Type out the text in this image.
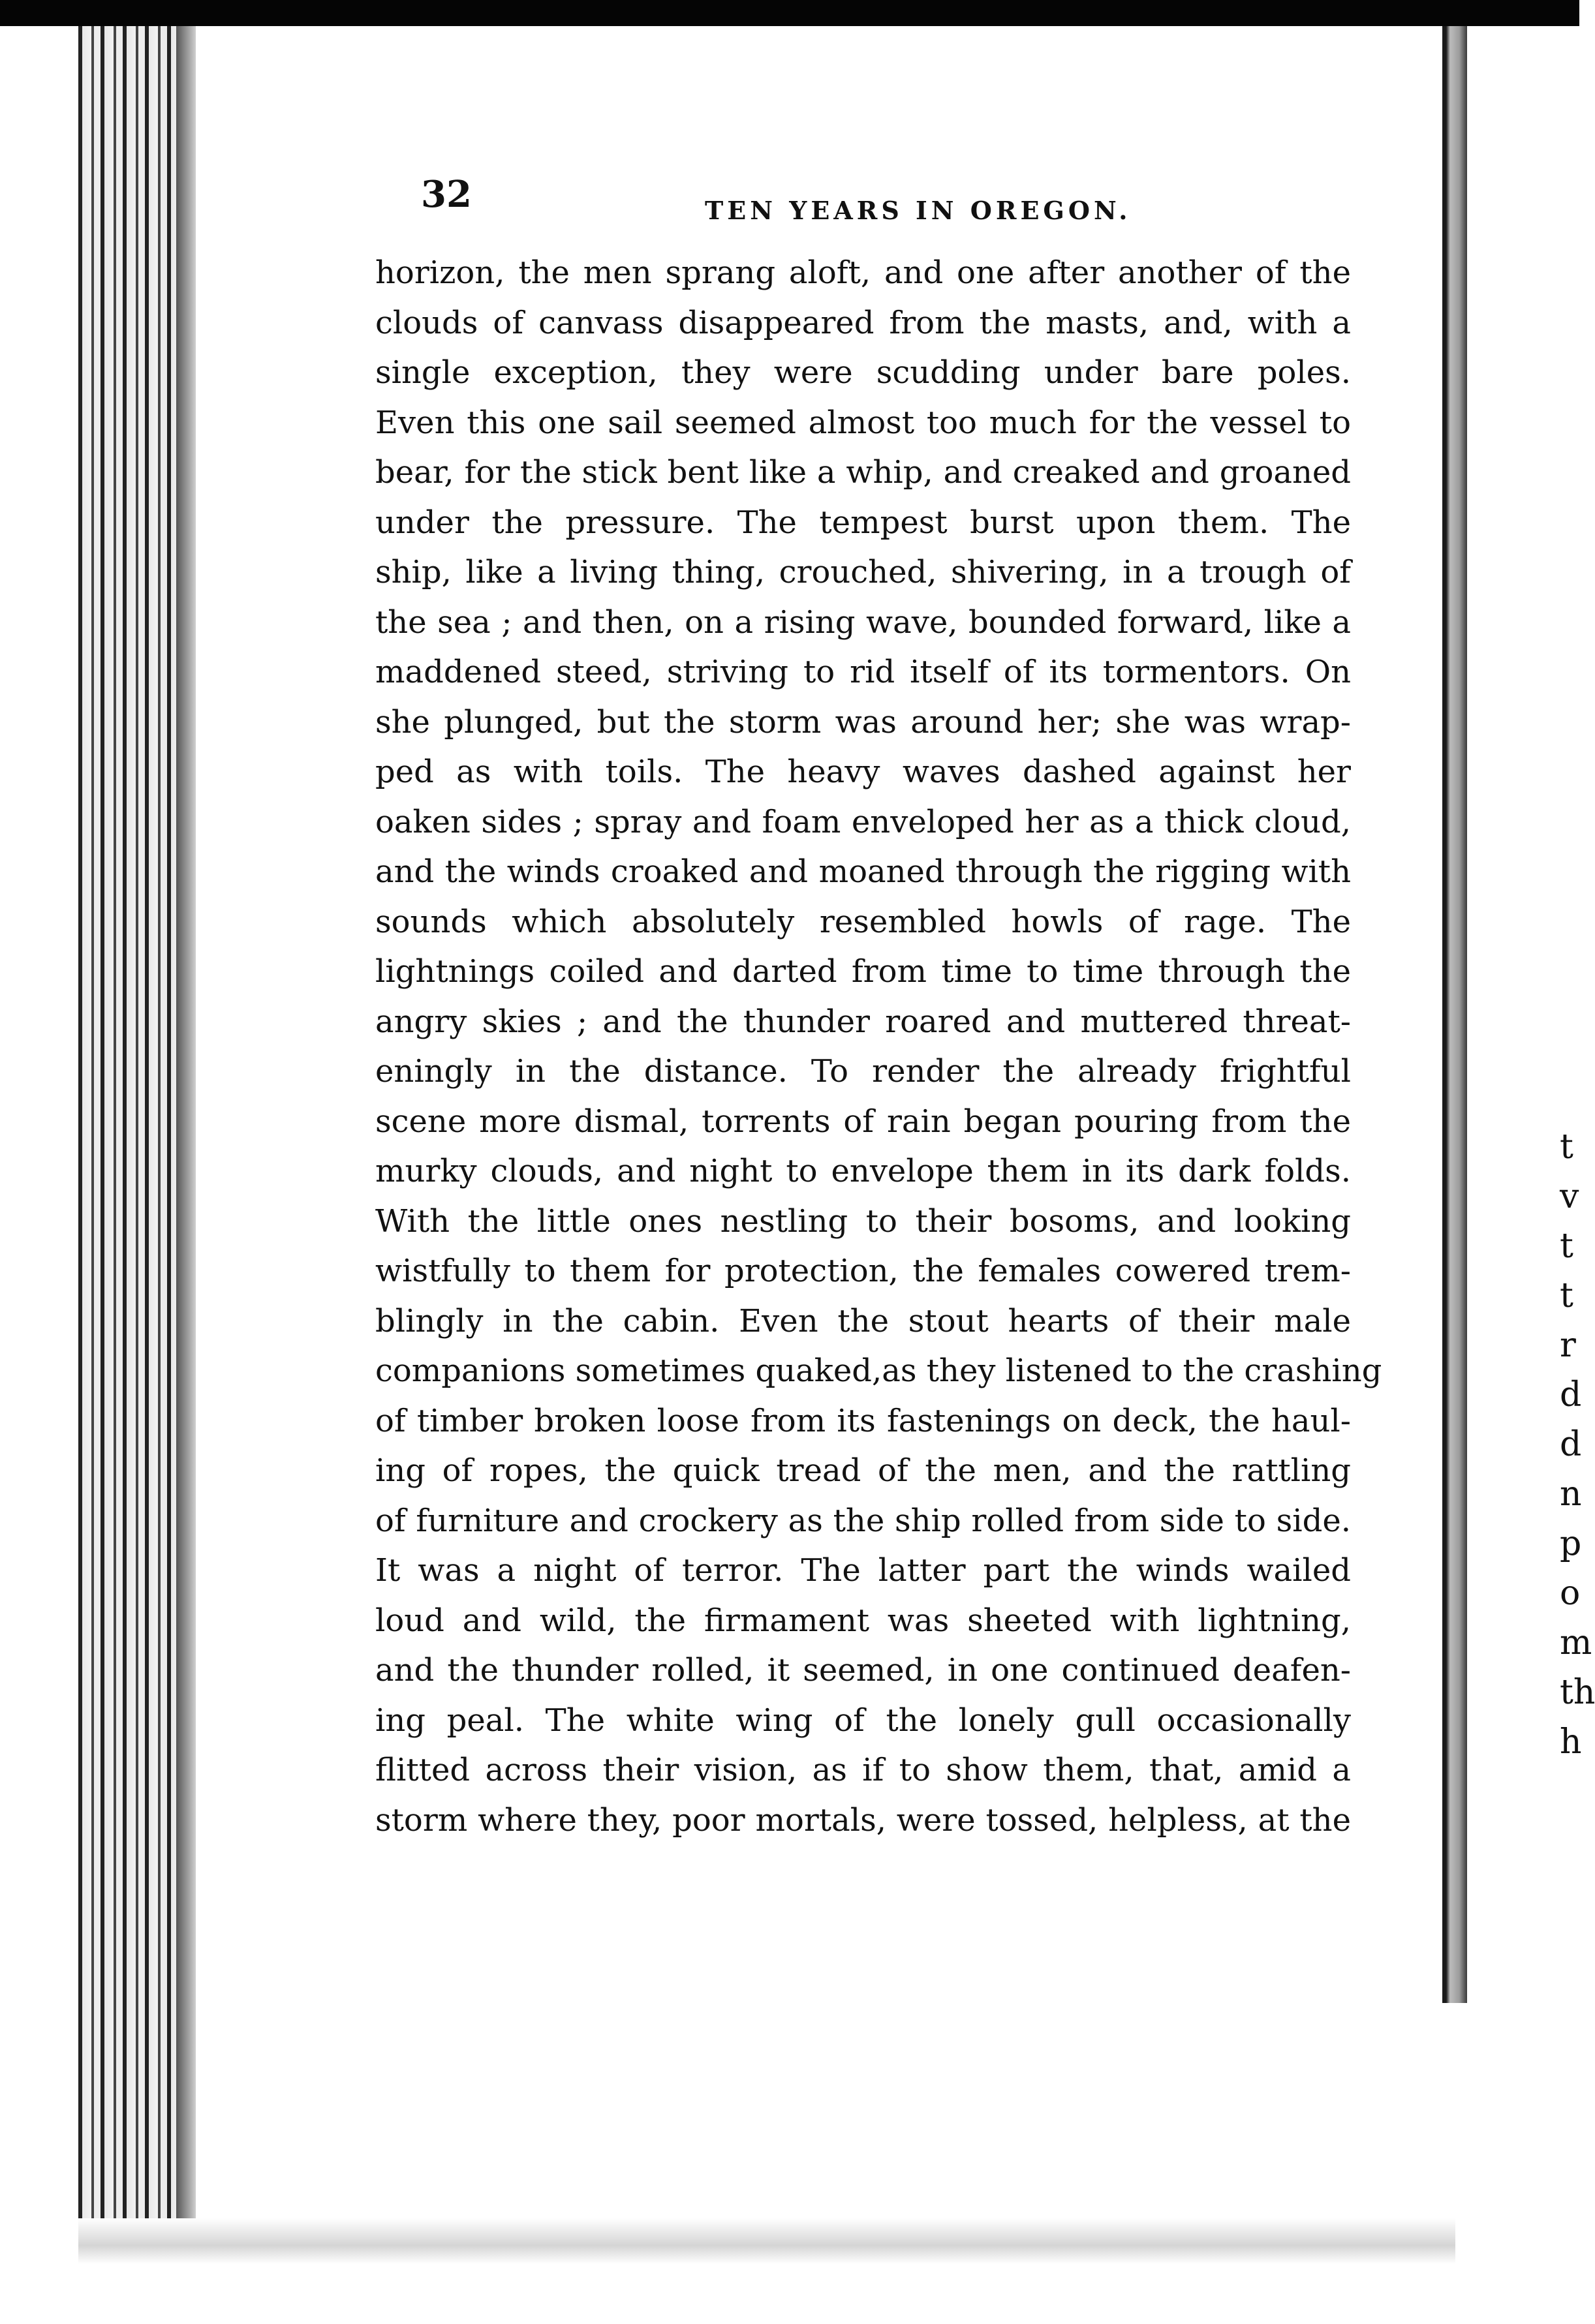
t
v
t
t
r
d
d
n
p
o
m
th
h
32	TEN YEARS IN OREGON.
horizon, the men sprang aloft, and one after another of the
clouds of canvass disappeared from the masts, and, with a
single exception, they were scudding under bare poles.
Even this one sail seemed almost too much for the vessel to
bear, for the stick bent like a whip, and creaked and groaned
under the pressure. The tempest burst upon them. The
ship, like a living thing, crouched, shivering, in a trough of
the sea ; and then, on a rising wave, bounded forward, like a
maddened steed, striving to rid itself of its tormentors. On
she plunged, but the storm was around her; she was wrap-
ped as with toils. The heavy waves dashed against her
oaken sides ; spray and foam enveloped her as a thick cloud,
and the winds croaked and moaned through the rigging with
sounds which absolutely resembled howls of rage. The
lightnings coiled and darted from time to time through the
angry skies ; and the thunder roared and muttered threat-
eningly in the distance. To render the already frightful
scene more dismal, torrents of rain began pouring from the
murky clouds, and night to envelope them in its dark folds.
With the little ones nestling to their bosoms, and looking
wistfully to them for protection, the females cowered trem-
blingly in the cabin. Even the stout hearts of their male
companions sometimes quaked,as they listened to the crashing
of timber broken loose from its fastenings on deck, the haul-
ing of ropes, the quick tread of the men, and the rattling
of furniture and crockery as the ship rolled from side to side.
It was a night of terror. The latter part the winds wailed
loud and wild, the firmament was sheeted with lightning,
and the thunder rolled, it seemed, in one continued deafen-
ing peal. The white wing of the lonely gull occasionally
flitted across their vision, as if to show them, that, amid a
storm where they, poor mortals, were tossed, helpless, at the
